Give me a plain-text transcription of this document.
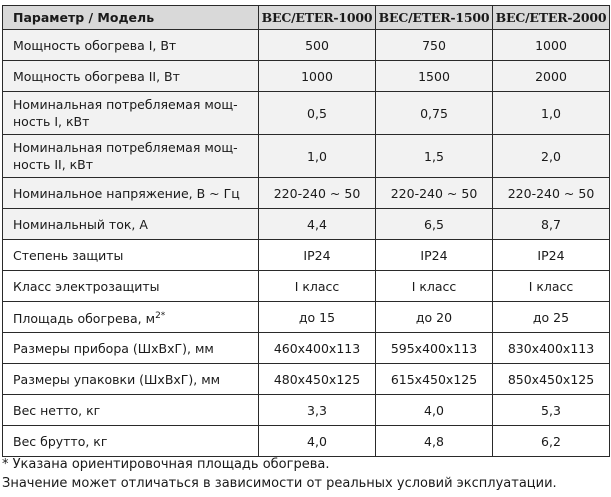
Параметр / Модель	BEC/ETER-1000	BEC/ETER-1500	BEC/ETER-2000
Мощность обогрева I, Вт	500	750	1000
Мощность обогрева II, Вт	1000	1500	2000
Номинальная потребляемая мощ-
ность I, кВт	0,5	0,75	1,0
Номинальная потребляемая мощ-
ность II, кВт	1,0	1,5	2,0
Номинальное напряжение, В ~ Гц	220-240 ~ 50	220-240 ~ 50	220-240 ~ 50
Номинальный ток, А	4,4	6,5	8,7
Степень защиты	IP24	IP24	IP24
Класс электрозащиты	I класс	I класс	I класс
Площадь обогрева, $м^{2*}$	до 15	до 20	до 25
Размеры прибора (ШхВхГ), мм	460х400х113	595х400х113	830х400х113
Размеры упаковки (ШхВхГ), мм	480х450х125	615х450х125	850х450х125
Вес нетто, кг	3,3	4,0	5,3
Вес брутто, кг	4,0	4,8	6,2
* Указана ориентировочная площадь обогрева.
Значение может отличаться в зависимости от реальных условий эксплуатации.
